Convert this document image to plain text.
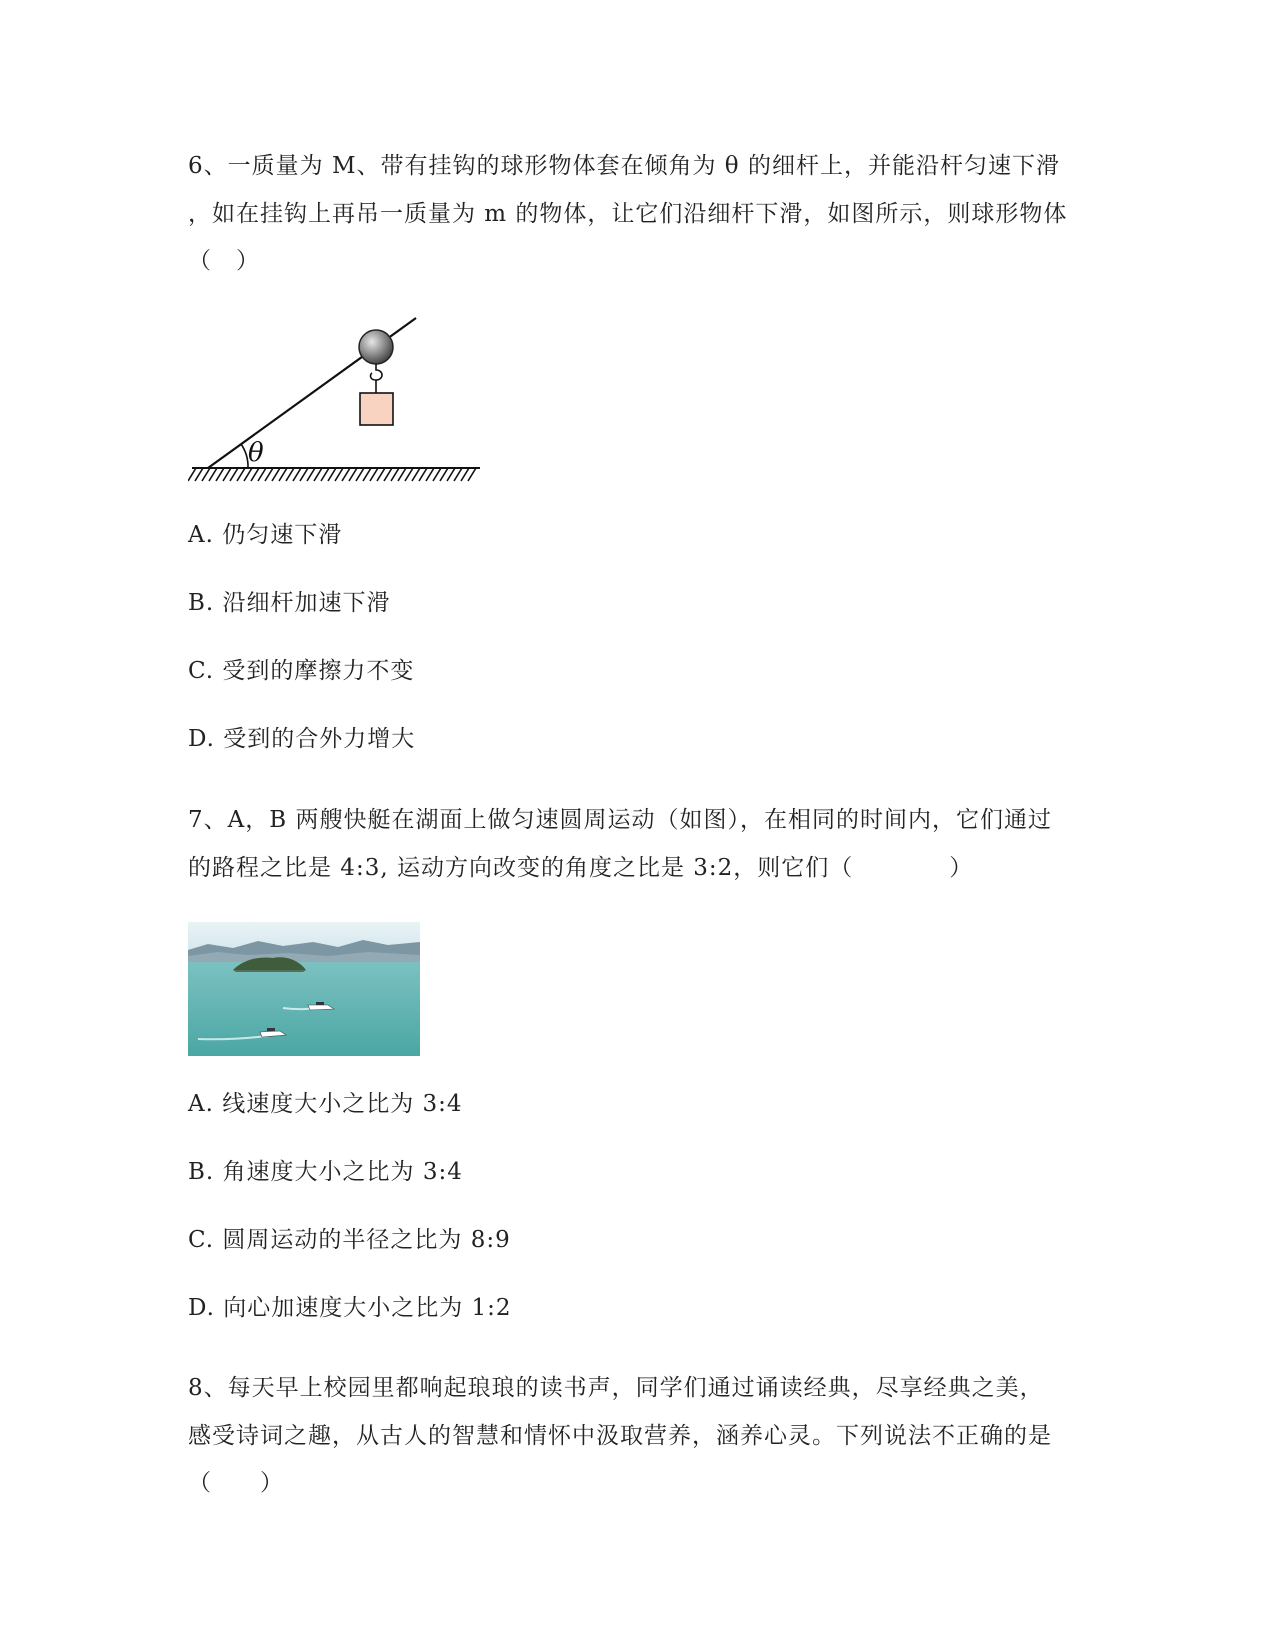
6、一质量为 M、带有挂钩的球形物体套在倾角为 θ 的细杆上，并能沿杆匀速下滑
，如在挂钩上再吊一质量为 m 的物体，让它们沿细杆下滑，如图所示，则球形物体
（　）
θ
A. 仍匀速下滑
B. 沿细杆加速下滑
C. 受到的摩擦力不变
D. 受到的合外力增大
7、A，B 两艘快艇在湖面上做匀速圆周运动（如图），在相同的时间内，它们通过
的路程之比是 4:3, 运动方向改变的角度之比是 3:2，则它们（　　　　）
A. 线速度大小之比为 3:4
B. 角速度大小之比为 3:4
C. 圆周运动的半径之比为 8:9
D. 向心加速度大小之比为 1:2
8、每天早上校园里都响起琅琅的读书声，同学们通过诵读经典，尽享经典之美，
感受诗词之趣，从古人的智慧和情怀中汲取营养，涵养心灵。下列说法不正确的是
（　　）
